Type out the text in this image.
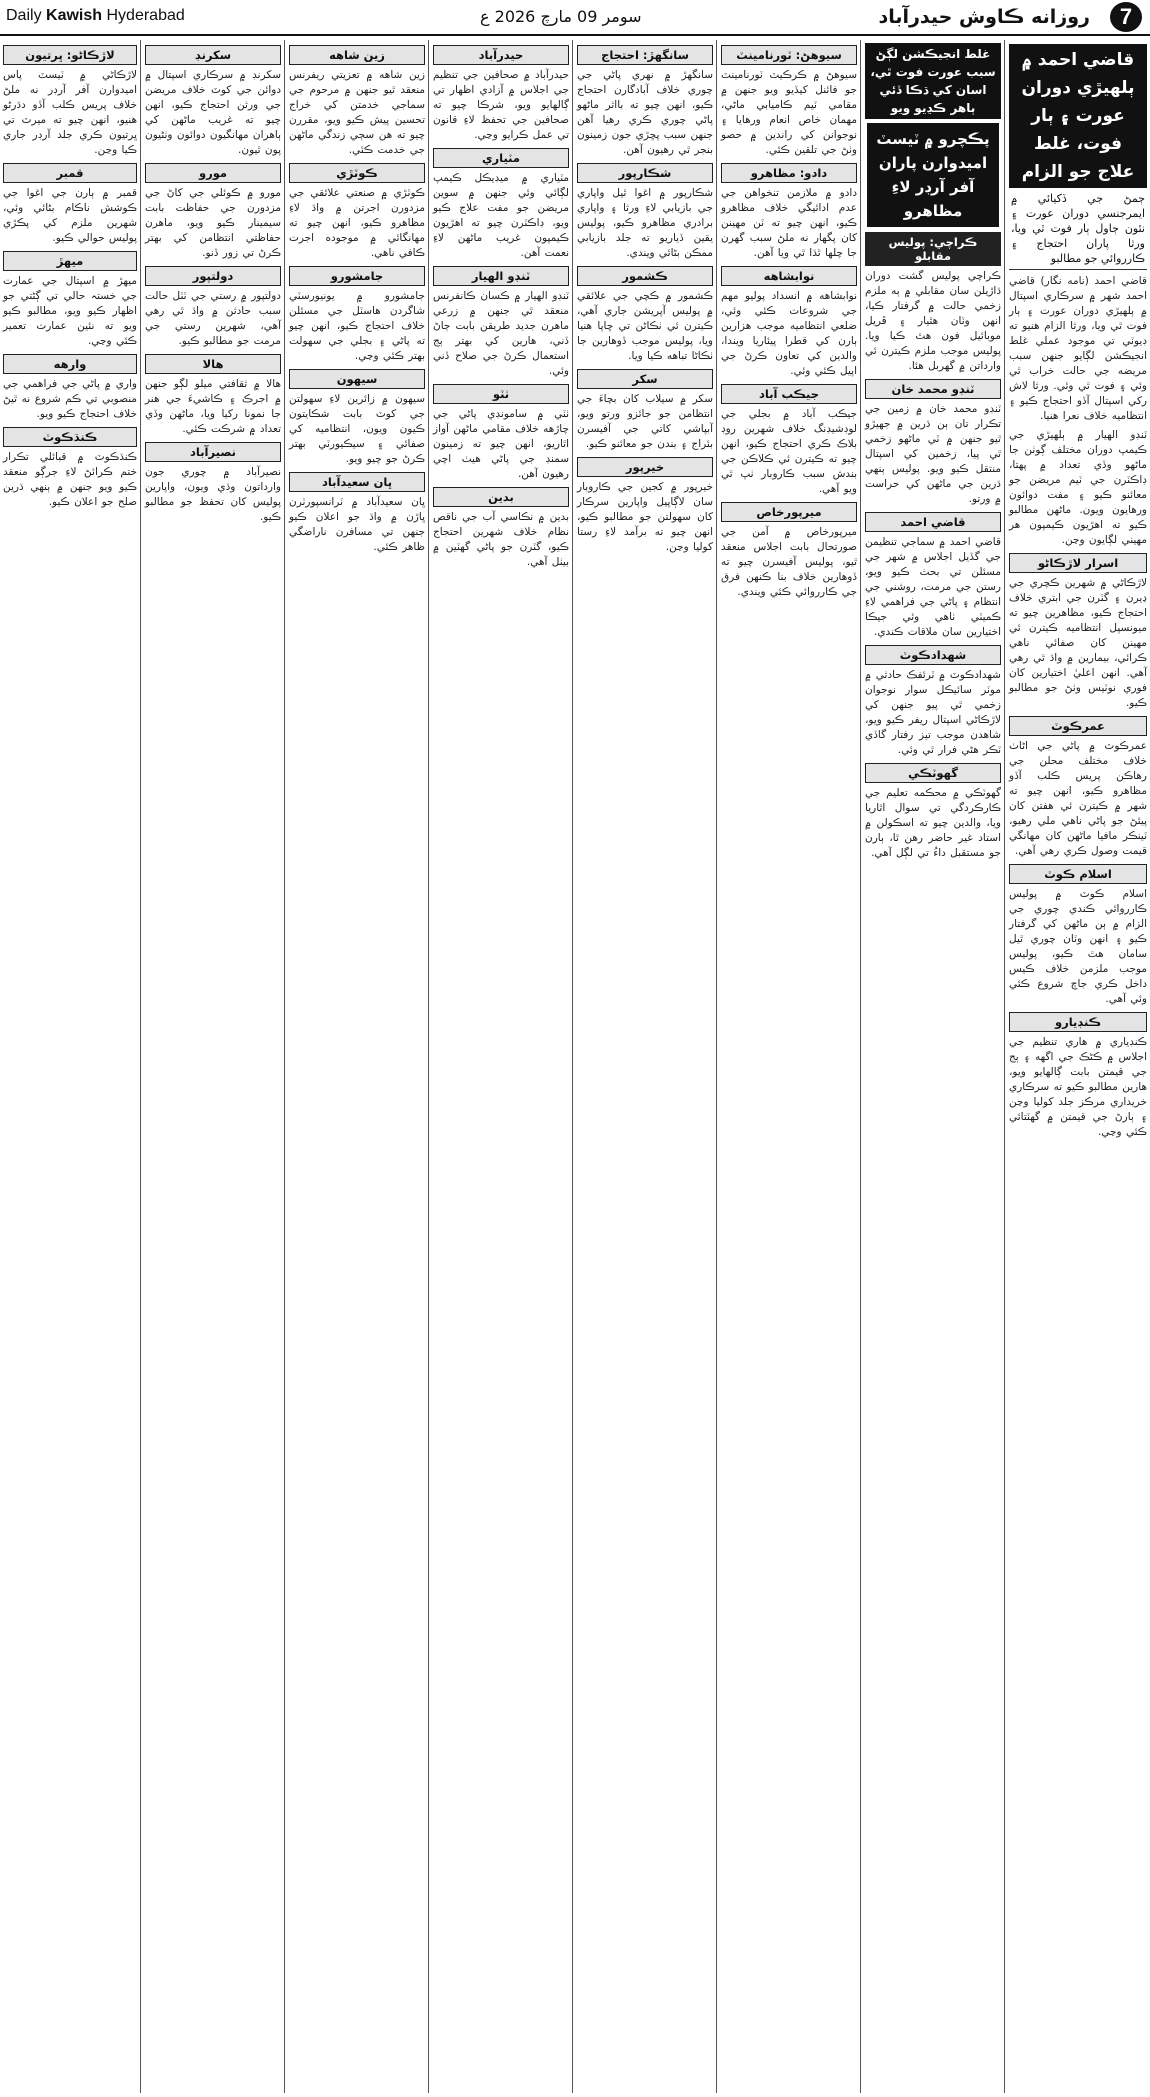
Daily Kawish Hyderabad	سومر 09 مارچ 2026 ع	روزانه ڪاوش حيدرآباد	7
قاضي احمد ۾ ٻلهيڙي دوران عورت ۽ ٻار فوت، غلط علاج جو الزام
ڄمڻ جي ڏکيائي ۾ ايمرجنسي دوران عورت ۽ نئون ڄاول ٻار فوت ٿي ويا، ورثا پاران احتجاج ۽ ڪارروائي جو مطالبو
قاضي احمد (نامه نگار) قاضي احمد شهر ۾ سرڪاري اسپتال ۾ ٻلهيڙي دوران عورت ۽ ٻار فوت ٿي ويا، ورثا الزام هنيو ته ڊيوٽي تي موجود عملي غلط انجيڪشن لڳايو جنهن سبب مريضه جي حالت خراب ٿي وئي ۽ فوت ٿي وئي. ورثا لاش رکي اسپتال آڏو احتجاج ڪيو ۽ انتظاميه خلاف نعرا هنيا.
ٽنڊو الهيار ۾ ٻلهيڙي جي ڪيمپ دوران مختلف ڳوٺن جا ماڻهو وڏي تعداد ۾ پهتا، ڊاڪٽرن جي ٽيم مريضن جو معائنو ڪيو ۽ مفت دوائون ورهايون ويون. ماڻهن مطالبو ڪيو ته اهڙيون ڪيمپون هر مهيني لڳايون وڃن.
اسرار لاڙڪاڻو
لاڙڪاڻي ۾ شهرين ڪچري جي ڍيرن ۽ گٽرن جي ابتري خلاف احتجاج ڪيو، مظاهرين چيو ته ميونسپل انتظاميه ڪيترن ئي مهينن کان صفائي ناهي ڪرائي، بيمارين ۾ واڌ ٿي رهي آهي. انهن اعليٰ اختيارين کان فوري نوٽيس وٺڻ جو مطالبو ڪيو.
عمرڪوٽ
عمرڪوٽ ۾ پاڻي جي اڻاٺ خلاف مختلف محلن جي رهاڪن پريس ڪلب آڏو مظاهرو ڪيو، انهن چيو ته شهر ۾ ڪيترن ئي هفتن کان پيئڻ جو پاڻي ناهي ملي رهيو، ٽينڪر مافيا ماڻهن کان مهانگي قيمت وصول ڪري رهي آهي.
اسلام ڪوٽ
اسلام ڪوٽ ۾ پوليس ڪارروائي ڪندي چوري جي الزام ۾ ٻن ماڻهن کي گرفتار ڪيو ۽ انهن وٽان چوري ٿيل سامان هٿ ڪيو، پوليس موجب ملزمن خلاف ڪيس داخل ڪري جاچ شروع ڪئي وئي آهي.
ڪنڊيارو
ڪنڊياري ۾ هاري تنظيم جي اجلاس ۾ ڪڻڪ جي اگهه ۽ ٻج جي قيمتن بابت ڳالهايو ويو، هارين مطالبو ڪيو ته سرڪاري خريداري مرڪز جلد کوليا وڃن ۽ ٻارڻ جي قيمتن ۾ گهٽتائي ڪئي وڃي.
غلط انجيڪشن لڳڻ سبب عورت فوت ٿي، اسان کي ڌڪا ڏئي ٻاهر ڪڍيو ويو
پڪچرو ۾ ٽيسٽ اميدوارن پاران آفر آرڊر لاءِ مظاهرو
ڪراچي: پوليس مقابلو
ڪراچي پوليس گشت دوران ڌاڙيلن سان مقابلي ۾ ٻه ملزم زخمي حالت ۾ گرفتار ڪيا، انهن وٽان هٿيار ۽ ڦريل موبائيل فون هٿ ڪيا ويا. پوليس موجب ملزم ڪيترن ئي وارداتن ۾ گهربل هئا.
ٽنڊو محمد خان
ٽنڊو محمد خان ۾ زمين جي تڪرار تان ٻن ڌرين ۾ جهيڙو ٿيو جنهن ۾ ٽي ماڻهو زخمي ٿي پيا، زخمين کي اسپتال منتقل ڪيو ويو. پوليس ٻنهي ڌرين جي ماڻهن کي حراست ۾ ورتو.
قاضي احمد
قاضي احمد ۾ سماجي تنظيمن جي گڏيل اجلاس ۾ شهر جي مسئلن تي بحث ڪيو ويو، رستن جي مرمت، روشني جي انتظام ۽ پاڻي جي فراهمي لاءِ ڪميٽي ٺاهي وئي جيڪا اختيارين سان ملاقات ڪندي.
شهدادڪوٽ
شهدادڪوٽ ۾ ٽرئفڪ حادثي ۾ موٽر سائيڪل سوار نوجوان زخمي ٿي پيو جنهن کي لاڙڪاڻي اسپتال ريفر ڪيو ويو، شاهدن موجب تيز رفتار گاڏي ٽڪر هڻي فرار ٿي وئي.
گهوٽڪي
گهوٽڪي ۾ محڪمه تعليم جي ڪارڪردگي تي سوال اٿاريا ويا، والدين چيو ته اسڪولن ۾ استاد غير حاضر رهن ٿا، ٻارن جو مستقبل داءُ تي لڳل آهي.
سيوهڻ: ٽورنامينٽ
سيوهڻ ۾ ڪرڪيٽ ٽورنامينٽ جو فائنل کيڏيو ويو جنهن ۾ مقامي ٽيم ڪاميابي ماڻي، مهمان خاص انعام ورهايا ۽ نوجوانن کي راندين ۾ حصو وٺڻ جي تلقين ڪئي.
دادو: مظاهرو
دادو ۾ ملازمن تنخواهن جي عدم ادائيگي خلاف مظاهرو ڪيو، انهن چيو ته ٽن مهينن کان پگهار نه ملڻ سبب گهرن جا چلها ٿڌا ٿي ويا آهن.
نوابشاهه
نوابشاهه ۾ انسداد پوليو مهم جي شروعات ڪئي وئي، ضلعي انتظاميه موجب هزارين ٻارن کي قطرا پيئاريا ويندا، والدين کي تعاون ڪرڻ جي اپيل ڪئي وئي.
جيڪب آباد
جيڪب آباد ۾ بجلي جي لوڊشيڊنگ خلاف شهرين روڊ بلاڪ ڪري احتجاج ڪيو، انهن چيو ته ڪيترن ئي ڪلاڪن جي بندش سبب ڪاروبار ٺپ ٿي ويو آهي.
ميرپورخاص
ميرپورخاص ۾ آمن جي صورتحال بابت اجلاس منعقد ٿيو، پوليس آفيسرن چيو ته ڏوهارين خلاف بنا ڪنهن فرق جي ڪارروائي ڪئي ويندي.
سانگهڙ: احتجاج
سانگهڙ ۾ نهري پاڻي جي چوري خلاف آبادگارن احتجاج ڪيو، انهن چيو ته بااثر ماڻهو پاڻي چوري ڪري رهيا آهن جنهن سبب پڇڙي جون زمينون بنجر ٿي رهيون آهن.
شڪارپور
شڪارپور ۾ اغوا ٿيل واپاري جي بازيابي لاءِ ورثا ۽ واپاري برادري مظاهرو ڪيو، پوليس يقين ڏياريو ته جلد بازيابي ممڪن بڻائي ويندي.
ڪشمور
ڪشمور ۾ ڪچي جي علائقي ۾ پوليس آپريشن جاري آهي، ڪيترن ئي ٺڪاڻن تي ڇاپا هنيا ويا، پوليس موجب ڏوهارين جا ٺڪاڻا تباهه ڪيا ويا.
سکر
سکر ۾ سيلاب کان بچاءَ جي انتظامن جو جائزو ورتو ويو، آبپاشي کاتي جي آفيسرن بئراج ۽ بندن جو معائنو ڪيو.
خيرپور
خيرپور ۾ کجين جي ڪاروبار سان لاڳاپيل واپارين سرڪار کان سهولتن جو مطالبو ڪيو، انهن چيو ته برآمد لاءِ رستا کوليا وڃن.
حيدرآباد
حيدرآباد ۾ صحافين جي تنظيم جي اجلاس ۾ آزادي اظهار تي ڳالهايو ويو، شرڪا چيو ته صحافين جي تحفظ لاءِ قانون تي عمل ڪرايو وڃي.
مٽياري
مٽياري ۾ ميڊيڪل ڪيمپ لڳائي وئي جنهن ۾ سوين مريضن جو مفت علاج ڪيو ويو، ڊاڪٽرن چيو ته اهڙيون ڪيمپون غريب ماڻهن لاءِ نعمت آهن.
ٽنڊو الهيار
ٽنڊو الهيار ۾ ڪسان ڪانفرنس منعقد ٿي جنهن ۾ زرعي ماهرن جديد طريقن بابت ڄاڻ ڏني، هارين کي بهتر ٻج استعمال ڪرڻ جي صلاح ڏني وئي.
ٺٽو
ٺٽي ۾ سامونڊي پاڻي جي چاڙهه خلاف مقامي ماڻهن آواز اٿاريو، انهن چيو ته زمينون سمنڊ جي پاڻي هيٺ اچي رهيون آهن.
بدين
بدين ۾ نڪاسي آب جي ناقص نظام خلاف شهرين احتجاج ڪيو، گٽرن جو پاڻي گهٽين ۾ بيٺل آهي.
زين شاهه
زين شاهه ۾ تعزيتي ريفرنس منعقد ٿيو جنهن ۾ مرحوم جي سماجي خدمتن کي خراج تحسين پيش ڪيو ويو، مقررن چيو ته هن سڄي زندگي ماڻهن جي خدمت ڪئي.
ڪوٽڙي
ڪوٽڙي ۾ صنعتي علائقي جي مزدورن اجرتن ۾ واڌ لاءِ مظاهرو ڪيو، انهن چيو ته مهانگائي ۾ موجوده اجرت ڪافي ناهي.
جامشورو
جامشورو ۾ يونيورسٽي شاگردن هاسٽل جي مسئلن خلاف احتجاج ڪيو، انهن چيو ته پاڻي ۽ بجلي جي سهولت بهتر ڪئي وڃي.
سيهون
سيهون ۾ زائرين لاءِ سهولتن جي کوٽ بابت شڪايتون ڪيون ويون، انتظاميه کي صفائي ۽ سيڪيورٽي بهتر ڪرڻ جو چيو ويو.
ڀان سعيدآباد
ڀان سعيدآباد ۾ ٽرانسپورٽرن ڀاڙن ۾ واڌ جو اعلان ڪيو جنهن تي مسافرن ناراضگي ظاهر ڪئي.
سکرنڊ
سکرنڊ ۾ سرڪاري اسپتال ۾ دوائن جي کوٽ خلاف مريضن جي ورثن احتجاج ڪيو، انهن چيو ته غريب ماڻهن کي ٻاهران مهانگيون دوائون وٺڻيون پون ٿيون.
مورو
مورو ۾ ڪوئلي جي کاڻ جي مزدورن جي حفاظت بابت سيمينار ڪيو ويو، ماهرن حفاظتي انتظامن کي بهتر ڪرڻ تي زور ڏنو.
دولتپور
دولتپور ۾ رستي جي ٽٽل حالت سبب حادثن ۾ واڌ ٿي رهي آهي، شهرين رستي جي مرمت جو مطالبو ڪيو.
هالا
هالا ۾ ثقافتي ميلو لڳو جنهن ۾ اجرڪ ۽ ڪاشيءَ جي هنر جا نمونا رکيا ويا، ماڻهن وڏي تعداد ۾ شرڪت ڪئي.
نصيرآباد
نصيرآباد ۾ چوري جون وارداتون وڌي ويون، واپارين پوليس کان تحفظ جو مطالبو ڪيو.
لاڙڪاڻو: ڀرتيون
لاڙڪاڻي ۾ ٽيسٽ پاس اميدوارن آفر آرڊر نه ملڻ خلاف پريس ڪلب آڏو دڌرڻو هنيو، انهن چيو ته ميرٽ تي ڀرتيون ڪري جلد آرڊر جاري ڪيا وڃن.
قمبر
قمبر ۾ ٻارن جي اغوا جي ڪوشش ناڪام بڻائي وئي، شهرين ملزم کي پڪڙي پوليس حوالي ڪيو.
ميهڙ
ميهڙ ۾ اسپتال جي عمارت جي خستہ حالي تي ڳڻتي جو اظهار ڪيو ويو، مطالبو ڪيو ويو ته نئين عمارت تعمير ڪئي وڃي.
وارهه
واري ۾ پاڻي جي فراهمي جي منصوبي تي ڪم شروع نه ٿيڻ خلاف احتجاج ڪيو ويو.
ڪنڌڪوٽ
ڪنڌڪوٽ ۾ قبائلي تڪرار ختم ڪرائڻ لاءِ جرڳو منعقد ڪيو ويو جنهن ۾ ٻنهي ڌرين صلح جو اعلان ڪيو.
